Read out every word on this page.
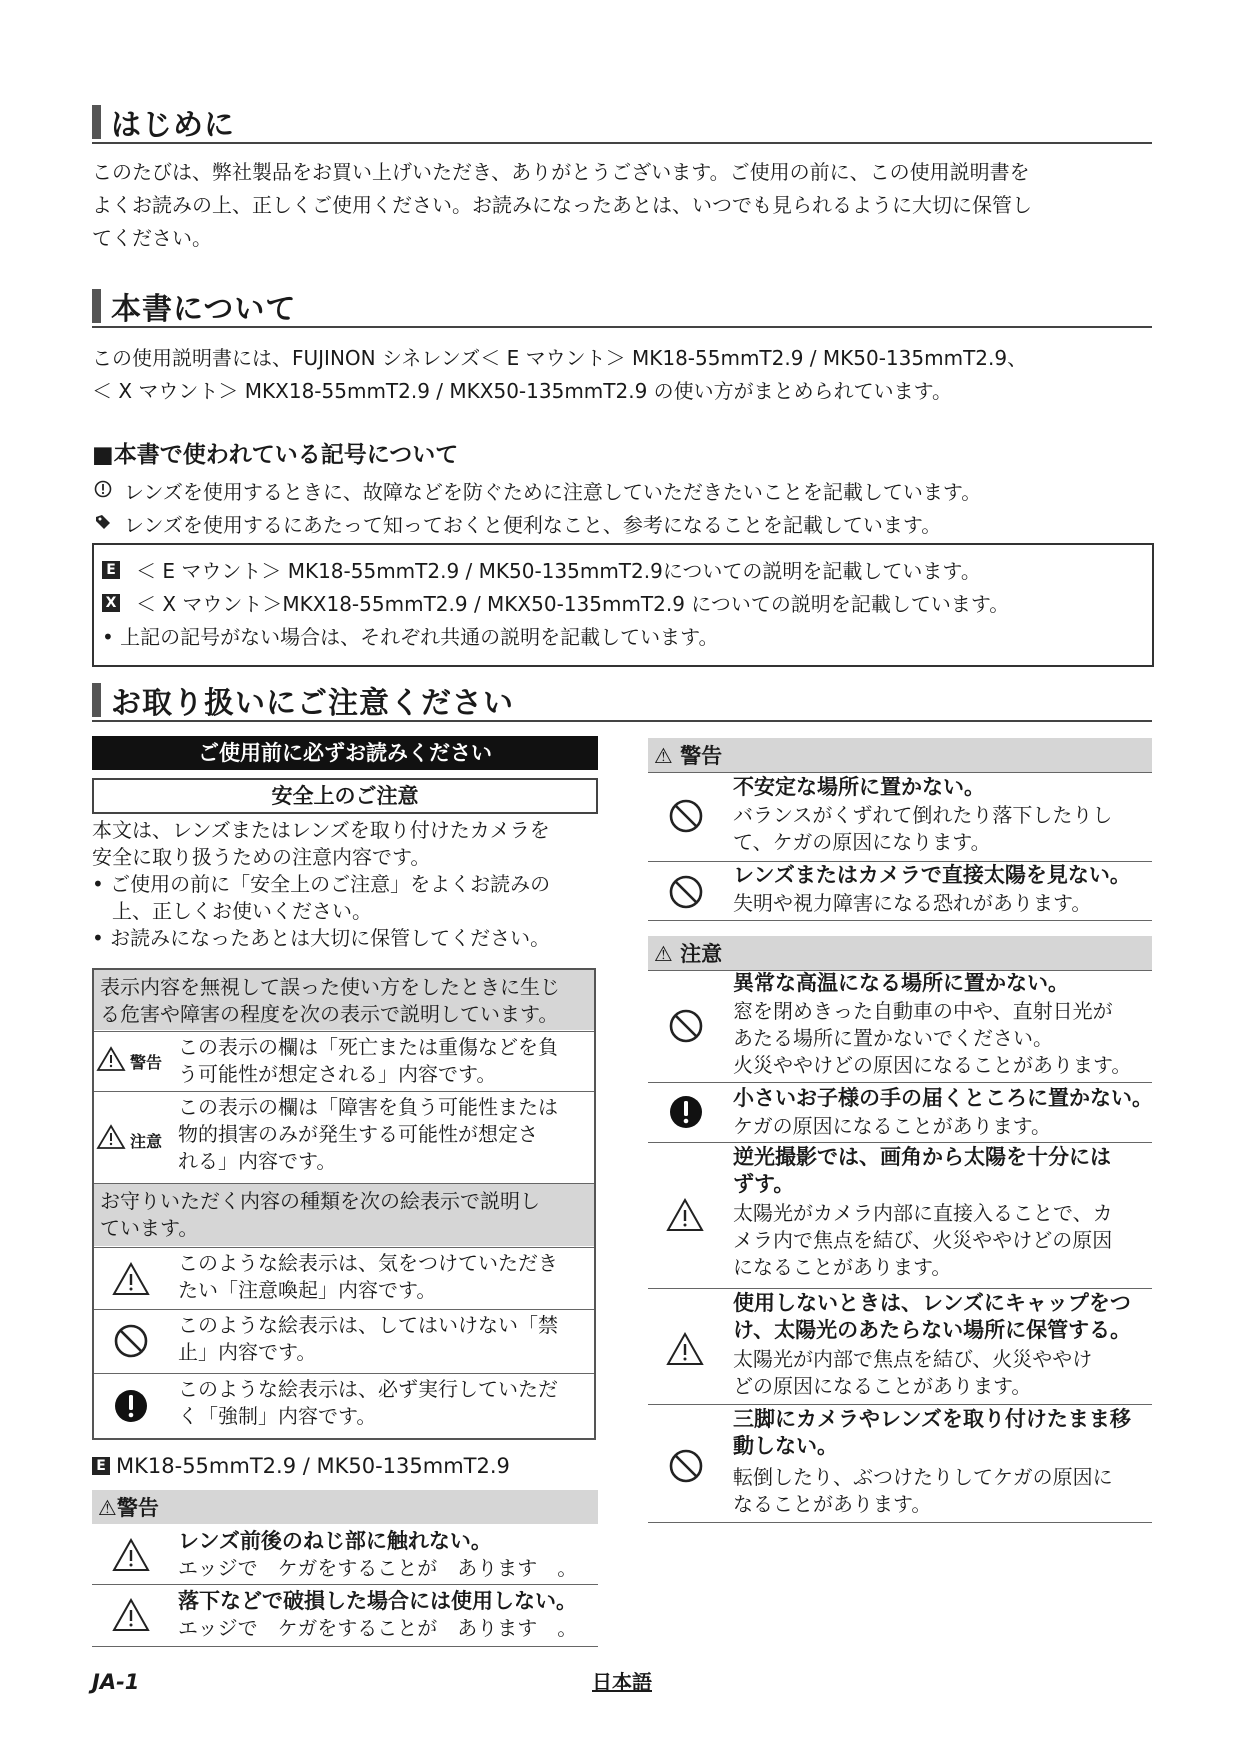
はじめに
このたびは、弊社製品をお買い上げいただき、ありがとうございます。ご使用の前に、この使用説明書を
よくお読みの上、正しくご使用ください。お読みになったあとは、いつでも見られるように大切に保管し
てください。
本書について
この使用説明書には、FUJINON シネレンズ＜ E マウント＞ MK18-55mmT2.9 / MK50-135mmT2.9、
＜ X マウント＞ MKX18-55mmT2.9 / MKX50-135mmT2.9 の使い方がまとめられています。
■本書で使われている記号について
レンズを使用するときに、故障などを防ぐために注意していただきたいことを記載しています。
レンズを使用するにあたって知っておくと便利なこと、参考になることを記載しています。
E ＜ E マウント＞ MK18-55mmT2.9 / MK50-135mmT2.9についての説明を記載しています。
X ＜ X マウント＞MKX18-55mmT2.9 / MKX50-135mmT2.9 についての説明を記載しています。
• 上記の記号がない場合は、それぞれ共通の説明を記載しています。
お取り扱いにご注意ください
ご使用前に必ずお読みください
安全上のご注意
本文は、レンズまたはレンズを取り付けたカメラを
安全に取り扱うための注意内容です。
• ご使用の前に「安全上のご注意」をよくお読みの
　上、正しくお使いください。
• お読みになったあとは大切に保管してください。
表示内容を無視して誤った使い方をしたときに生じ
る危害や障害の程度を次の表示で説明しています。
警告
この表示の欄は「死亡または重傷などを負
う可能性が想定される」内容です。
注意
この表示の欄は「障害を負う可能性または
物的損害のみが発生する可能性が想定さ
れる」内容です。
お守りいただく内容の種類を次の絵表示で説明し
ています。
このような絵表示は、気をつけていただき
たい「注意喚起」内容です。
このような絵表示は、してはいけない「禁
止」内容です。
このような絵表示は、必ず実行していただ
く「強制」内容です。
E MK18-55mmT2.9 / MK50-135mmT2.9
⚠警告
レンズ前後のねじ部に触れない。
エッジで　ケガをすることが　あります　。
落下などで破損した場合には使用しない。
エッジで　ケガをすることが　あります　。
⚠ 警告
不安定な場所に置かない。
バランスがくずれて倒れたり落下したりし
て、ケガの原因になります。
レンズまたはカメラで直接太陽を見ない。
失明や視力障害になる恐れがあります。
⚠ 注意
異常な高温になる場所に置かない。
窓を閉めきった自動車の中や、直射日光が
あたる場所に置かないでください。
火災ややけどの原因になることがあります。
小さいお子様の手の届くところに置かない。
ケガの原因になることがあります。
逆光撮影では、画角から太陽を十分には
ずす。
太陽光がカメラ内部に直接入ることで、カ
メラ内で焦点を結び、火災ややけどの原因
になることがあります。
使用しないときは、レンズにキャップをつ
け、太陽光のあたらない場所に保管する。
太陽光が内部で焦点を結び、火災ややけ
どの原因になることがあります。
三脚にカメラやレンズを取り付けたまま移
動しない。
転倒したり、ぶつけたりしてケガの原因に
なることがあります。
JA-1	日本語
